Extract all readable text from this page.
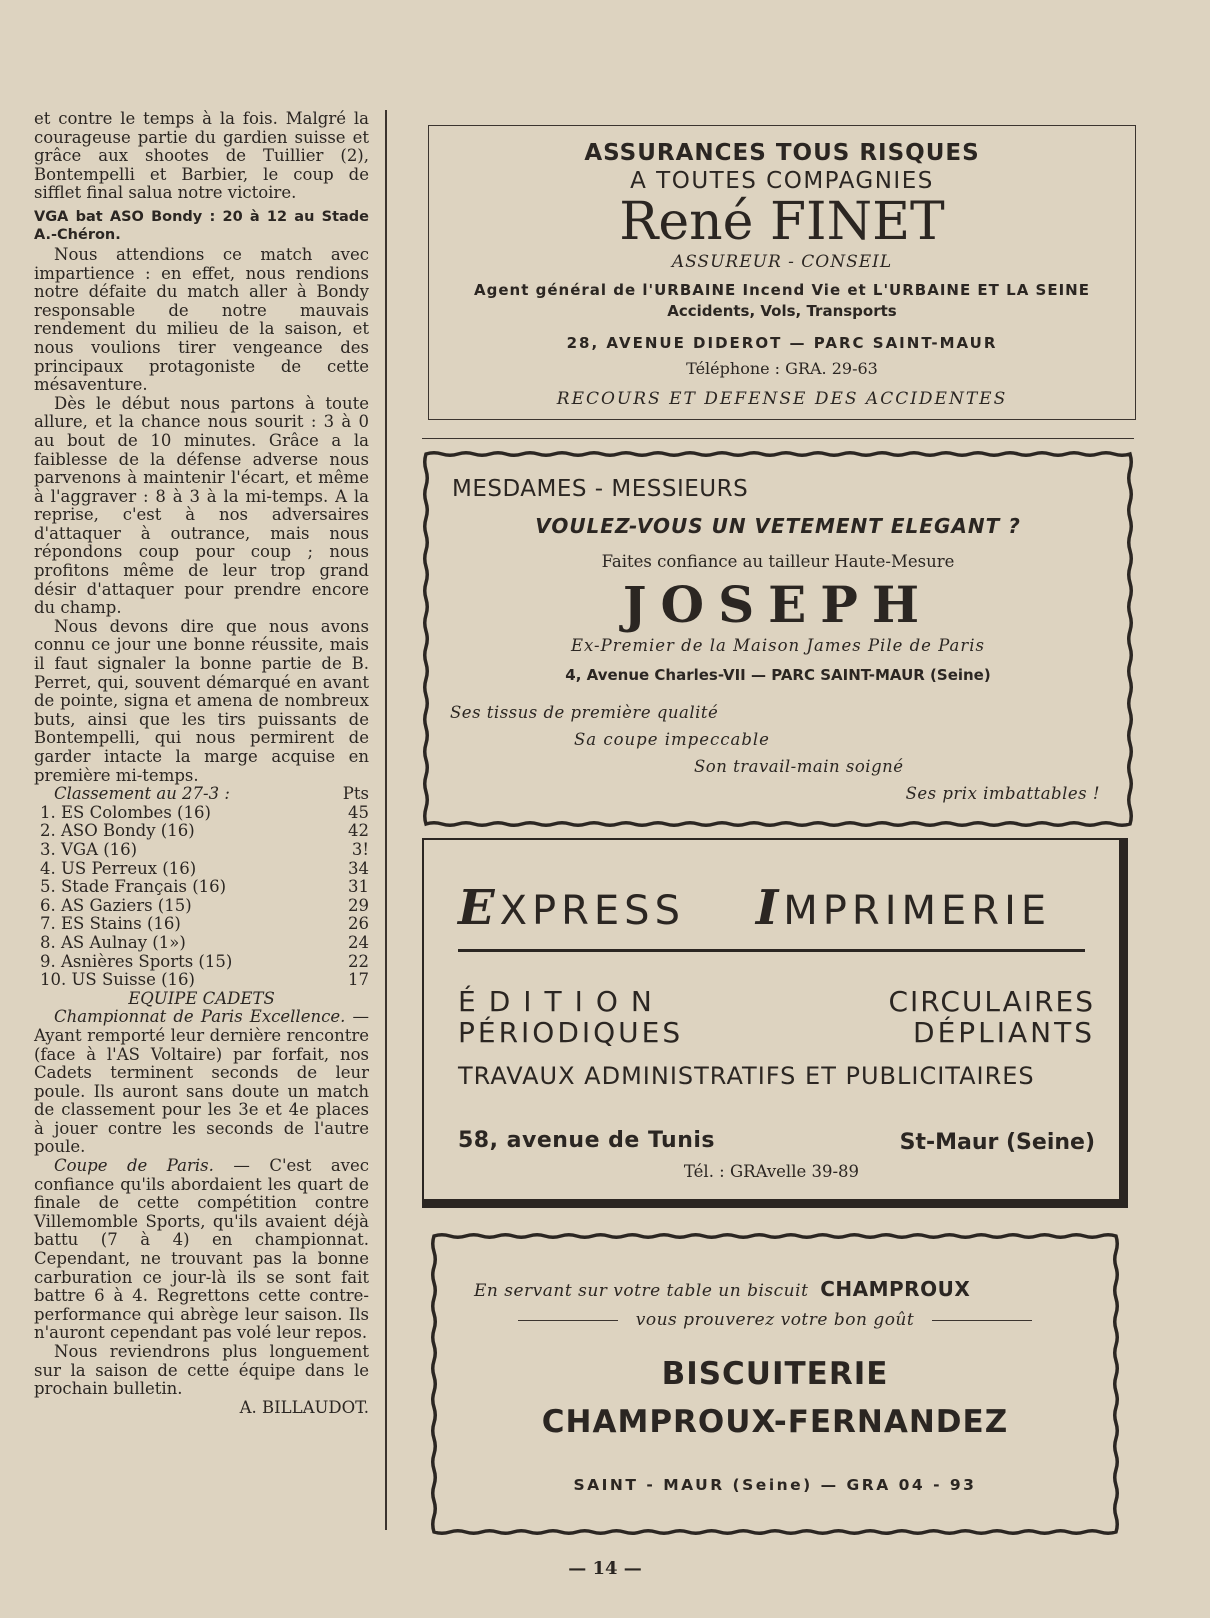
et contre le temps à la fois. Malgré la courageuse partie du gardien suisse et grâce aux shootes de Tuillier (2), Bontempelli et Barbier, le coup de sifflet final salua notre victoire.

VGA bat ASO Bondy : 20 à 12 au Stade A.-Chéron.

Nous attendions ce match avec impartience : en effet, nous rendions notre défaite du match aller à Bondy responsable de notre mauvais rendement du milieu de la saison, et nous voulions tirer vengeance des principaux protagoniste de cette mésaventure.

Dès le début nous partons à toute allure, et la chance nous sourit : 3 à 0 au bout de 10 minutes. Grâce a la faiblesse de la défense adverse nous parvenons à maintenir l'écart, et même à l'aggraver : 8 à 3 à la mi-temps. A la reprise, c'est à nos adversaires d'attaquer à outrance, mais nous répondons coup pour coup ; nous profitons même de leur trop grand désir d'attaquer pour prendre encore du champ.

Nous devons dire que nous avons connu ce jour une bonne réussite, mais il faut signaler la bonne partie de B. Perret, qui, souvent démarqué en avant de pointe, signa et amena de nombreux buts, ainsi que les tirs puissants de Bontempelli, qui nous permirent de garder intacte la marge acquise en première mi-temps.

Classement au 27-3 :	Pts
1. ES Colombes (16)	45
2. ASO Bondy (16)	42
3. VGA (16)	3!
4. US Perreux (16)	34
5. Stade Français (16)	31
6. AS Gaziers (15)	29
7. ES Stains (16)	26
8. AS Aulnay (1»)	24
9. Asnières Sports (15)	22
10. US Suisse (16)	17

EQUIPE CADETS

Championnat de Paris Excellence. — Ayant remporté leur dernière rencontre (face à l'AS Voltaire) par forfait, nos Cadets terminent seconds de leur poule. Ils auront sans doute un match de classement pour les 3e et 4e places à jouer contre les seconds de l'autre poule.

Coupe de Paris. — C'est avec confiance qu'ils abordaient les quart de finale de cette compétition contre Villemomble Sports, qu'ils avaient déjà battu (7 à 4) en championnat. Cependant, ne trouvant pas la bonne carburation ce jour-là ils se sont fait battre 6 à 4. Regrettons cette contre-performance qui abrège leur saison. Ils n'auront cependant pas volé leur repos.

Nous reviendrons plus longuement sur la saison de cette équipe dans le prochain bulletin.

A. BILLAUDOT.

ASSURANCES TOUS RISQUES
A TOUTES COMPAGNIES
René FINET
ASSUREUR - CONSEIL
Agent général de l'URBAINE Incend Vie et L'URBAINE ET LA SEINE
Accidents, Vols, Transports
28, AVENUE DIDEROT — PARC SAINT-MAUR
Téléphone : GRA. 29-63
RECOURS ET DEFENSE DES ACCIDENTES
MESDAMES - MESSIEURS
VOULEZ-VOUS UN VETEMENT ELEGANT ?
Faites confiance au tailleur Haute-Mesure
JOSEPH
Ex-Premier de la Maison James Pile de Paris
4, Avenue Charles-VII — PARC SAINT-MAUR (Seine)
Ses tissus de première qualité
Sa coupe impeccable
Son travail-main soigné
Ses prix imbattables !
EXPRESS IMPRIMERIE
ÉDITION
PÉRIODIQUES
CIRCULAIRES
DÉPLIANTS
TRAVAUX ADMINISTRATIFS ET PUBLICITAIRES
58, avenue de Tunis	St-Maur (Seine)
Tél. : GRAvelle 39-89
En servant sur votre table un biscuit CHAMPROUX
vous prouverez votre bon goût
BISCUITERIE
CHAMPROUX-FERNANDEZ
SAINT - MAUR (Seine) — GRA 04 - 93
— 14 —
